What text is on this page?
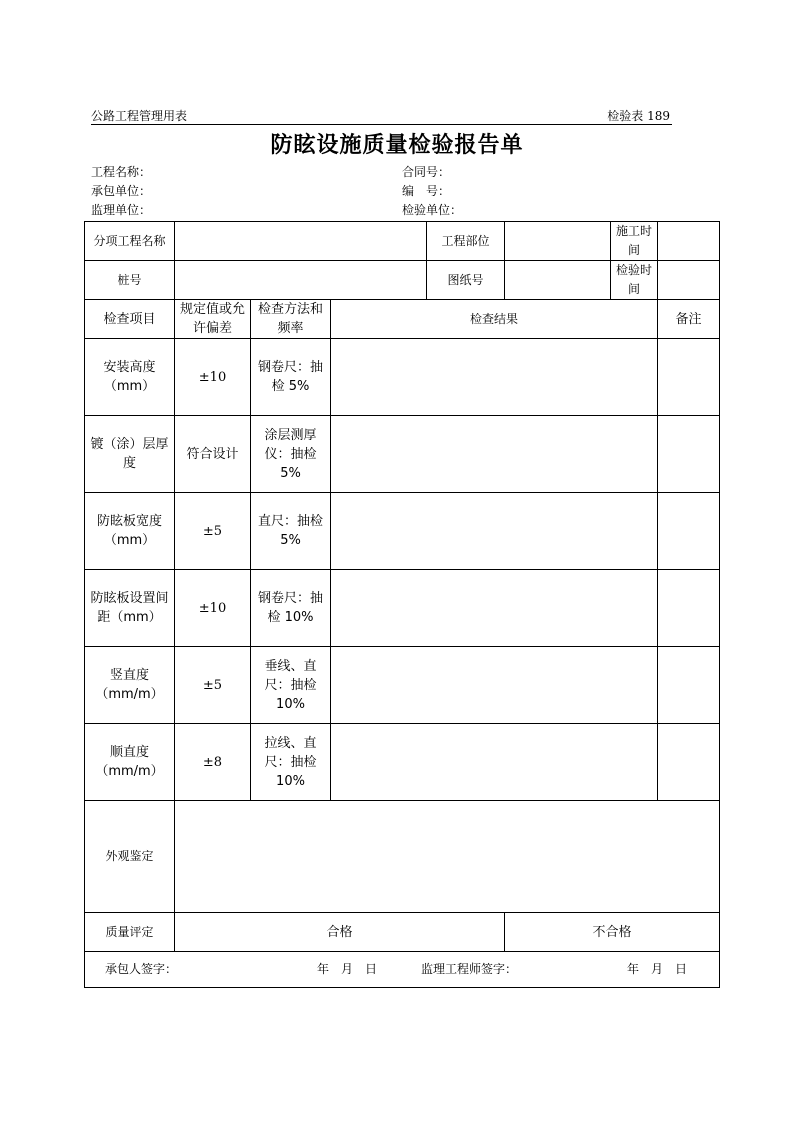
公路工程管理用表	检验表 189
防眩设施质量检验报告单
工程名称：	合同号：
承包单位：	编　号：
监理单位：	检验单位：
分项工程名称				工程部位		施工时间	
桩号				图纸号		检验时间	
检查项目	规定值或允许偏差	检查方法和频率	检查结果				备注
安装高度（mm）	±10	钢卷尺：抽检 5%					
镀（涂）层厚度	符合设计	涂层测厚仪：抽检 5%					
防眩板宽度（mm）	±5	直尺：抽检 5%					
防眩板设置间距（mm）	±10	钢卷尺：抽检 10%					
竖直度（mm/m）	±5	垂线、直尺：抽检 10%					
顺直度（mm/m）	±8	拉线、直尺：抽检 10%					
外观鉴定							
质量评定	合格				不合格		

承包人签字： 年　月　日 监理工程师签字： 年　月　日							
